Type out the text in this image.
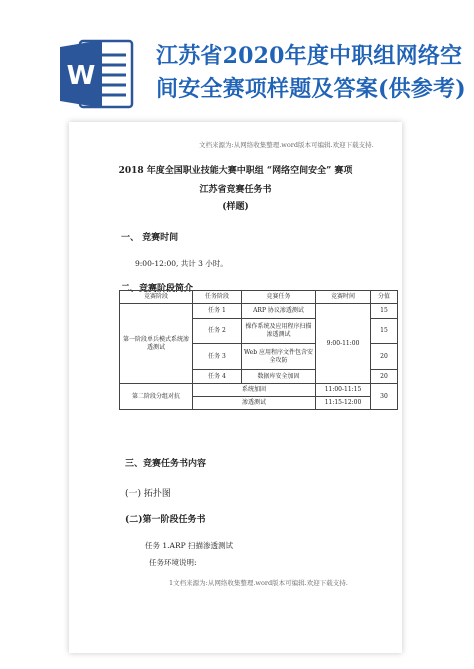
W
江苏省2020年度中职组网络空间安全赛项样题及答案(供参考)
文档来源为:从网络收集整理.word版本可编辑.欢迎下载支持.
2018 年度全国职业技能大赛中职组 “网络空间安全” 赛项
江苏省竞赛任务书
(样题)
一、 竞赛时间
9:00-12:00, 共计 3 小时。
二、竞赛阶段简介
竞赛阶段	任务阶段	竞赛任务	竞赛时间	分值
第一阶段单兵模式系统渗透测试	任务 1	ARP 协议渗透测试	9:00-11:00	15
	任务 2	操作系统及应用程序扫描渗透测试		15
	任务 3	Web 应用程序文件包含安全攻防		20
	任务 4	数据库安全加固		20
第二阶段分组对抗	系统加固		11:00-11:15	30
	渗透测试		11:15-12:00	
三、竞赛任务书内容
(一) 拓扑图
(二)第一阶段任务书
任务 1.ARP 扫描渗透测试
任务环境说明:
1文档来源为:从网络收集整理.word版本可编辑.欢迎下载支持.
